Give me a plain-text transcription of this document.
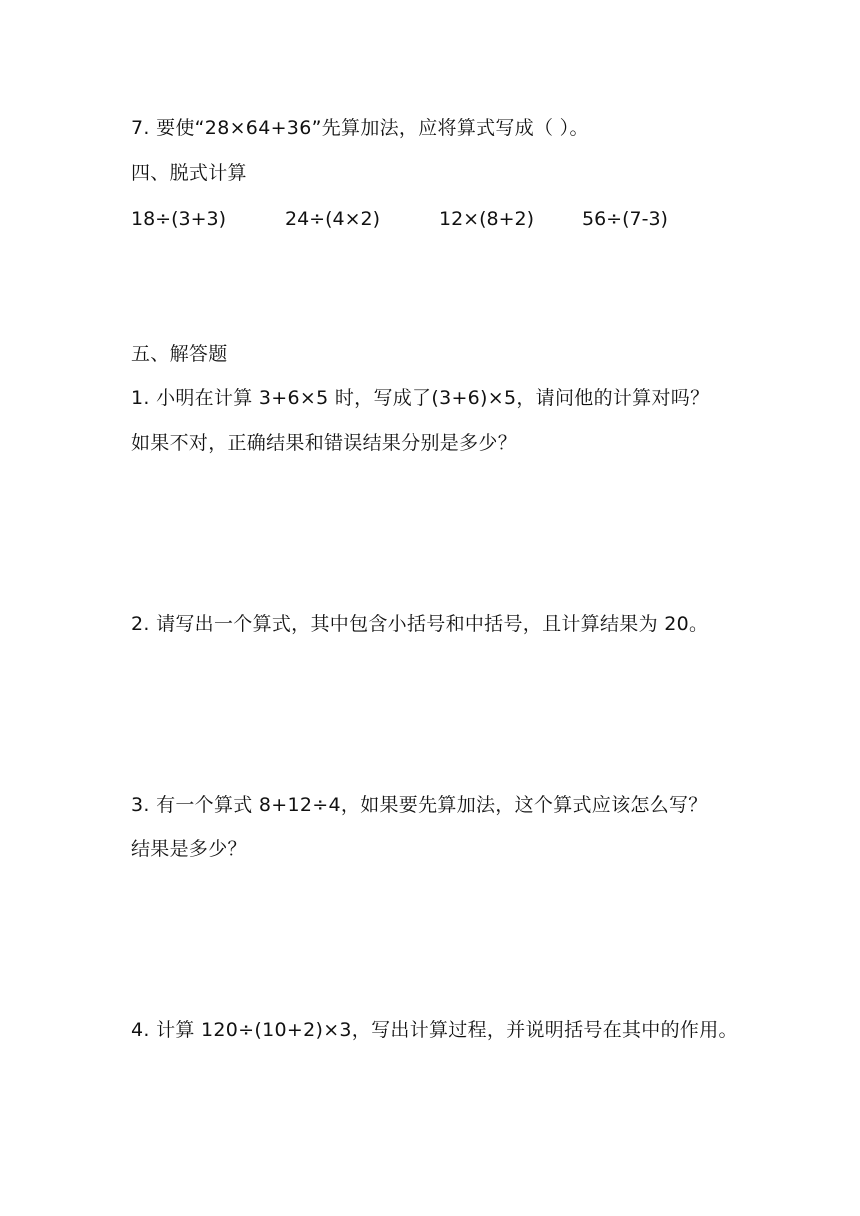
7. 要使“28×64+36”先算加法，应将算式写成（ ）。
四、脱式计算
18÷(3+3)	24÷(4×2)	12×(8+2)	56÷(7-3)
五、解答题
1. 小明在计算 3+6×5 时，写成了(3+6)×5，请问他的计算对吗？
如果不对，正确结果和错误结果分别是多少？
2. 请写出一个算式，其中包含小括号和中括号，且计算结果为 20。
3. 有一个算式 8+12÷4，如果要先算加法，这个算式应该怎么写？
结果是多少？
4. 计算 120÷(10+2)×3，写出计算过程，并说明括号在其中的作用。
